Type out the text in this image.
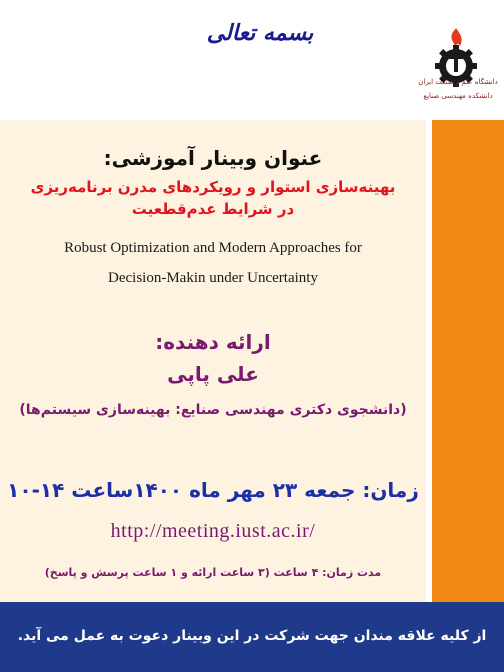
بسمه تعالی
دانشگاه علم و صنعت ایران
دانشکده مهندسی صنایع
عنوان وبینار آموزشی:
بهینه‌سازی استوار و رویکردهای مدرن برنامه‌ریزی
در شرایط عدم‌قطعیت
Robust Optimization and Modern Approaches for
Decision-Makin under Uncertainty
ارائه دهنده:
علی پاپی
(دانشجوی دکتری مهندسی صنایع: بهینه‌سازی سیستم‌ها)
زمان: جمعه ۲۳ مهر ماه ۱۴۰۰ساعت ۱۴-۱۰
http://meeting.iust.ac.ir/
مدت زمان: ۴ ساعت (۳ ساعت ارائه و ۱ ساعت پرسش و پاسخ)
از کلیه علاقه مندان جهت شرکت در این وبینار دعوت به عمل می آید.
